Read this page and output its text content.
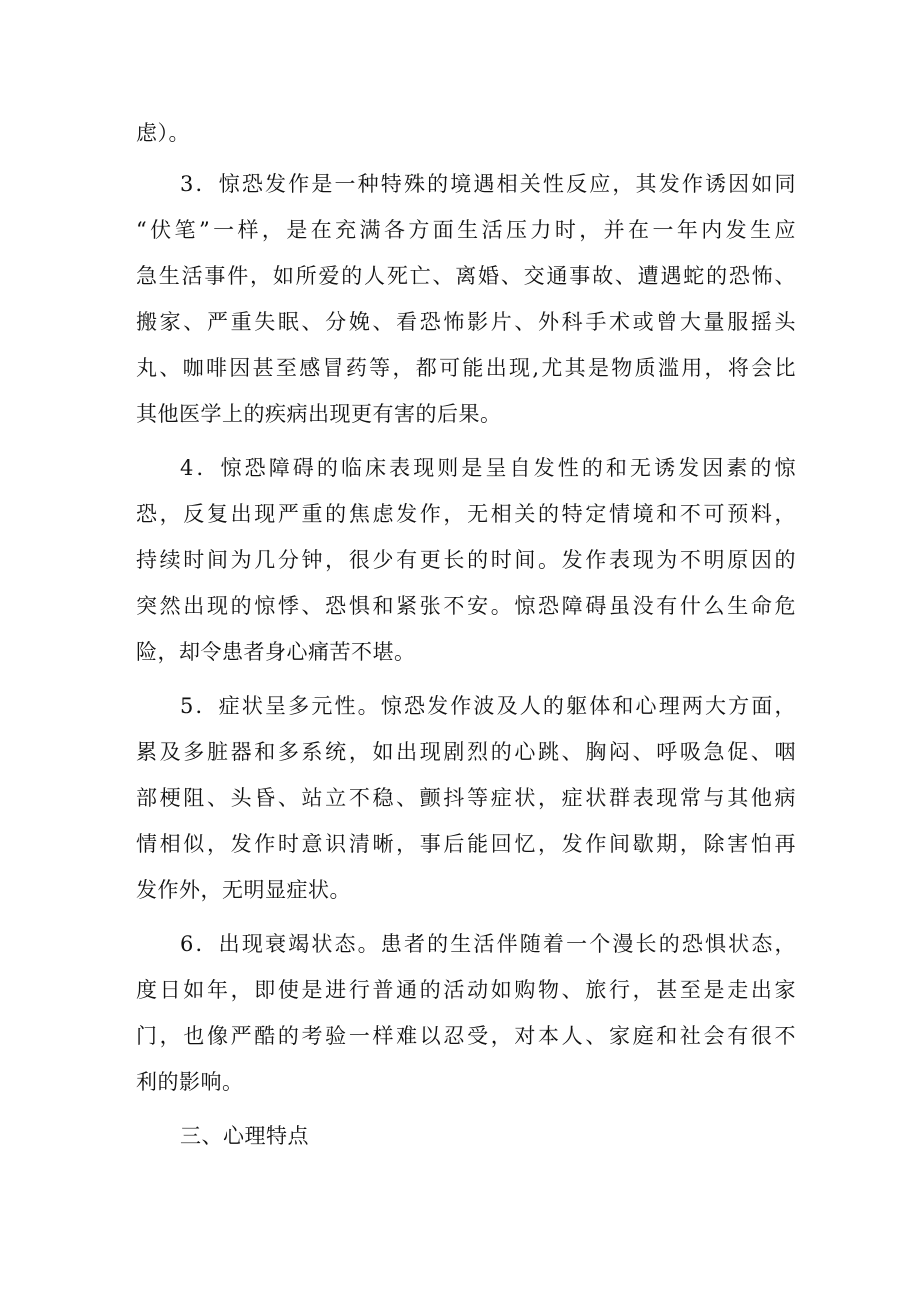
虑）。
3．惊恐发作是一种特殊的境遇相关性反应，其发作诱因如同
“伏笔”一样，是在充满各方面生活压力时，并在一年内发生应
急生活事件，如所爱的人死亡、离婚、交通事故、遭遇蛇的恐怖、
搬家、严重失眠、分娩、看恐怖影片、外科手术或曾大量服摇头
丸、咖啡因甚至感冒药等，都可能出现,尤其是物质滥用，将会比
其他医学上的疾病出现更有害的后果。
4．惊恐障碍的临床表现则是呈自发性的和无诱发因素的惊
恐，反复出现严重的焦虑发作，无相关的特定情境和不可预料，
持续时间为几分钟，很少有更长的时间。发作表现为不明原因的
突然出现的惊悸、恐惧和紧张不安。惊恐障碍虽没有什么生命危
险，却令患者身心痛苦不堪。
5．症状呈多元性。惊恐发作波及人的躯体和心理两大方面，
累及多脏器和多系统，如出现剧烈的心跳、胸闷、呼吸急促、咽
部梗阻、头昏、站立不稳、颤抖等症状，症状群表现常与其他病
情相似，发作时意识清晰，事后能回忆，发作间歇期，除害怕再
发作外，无明显症状。
6．出现衰竭状态。患者的生活伴随着一个漫长的恐惧状态，
度日如年，即使是进行普通的活动如购物、旅行，甚至是走出家
门，也像严酷的考验一样难以忍受，对本人、家庭和社会有很不
利的影响。
三、心理特点
